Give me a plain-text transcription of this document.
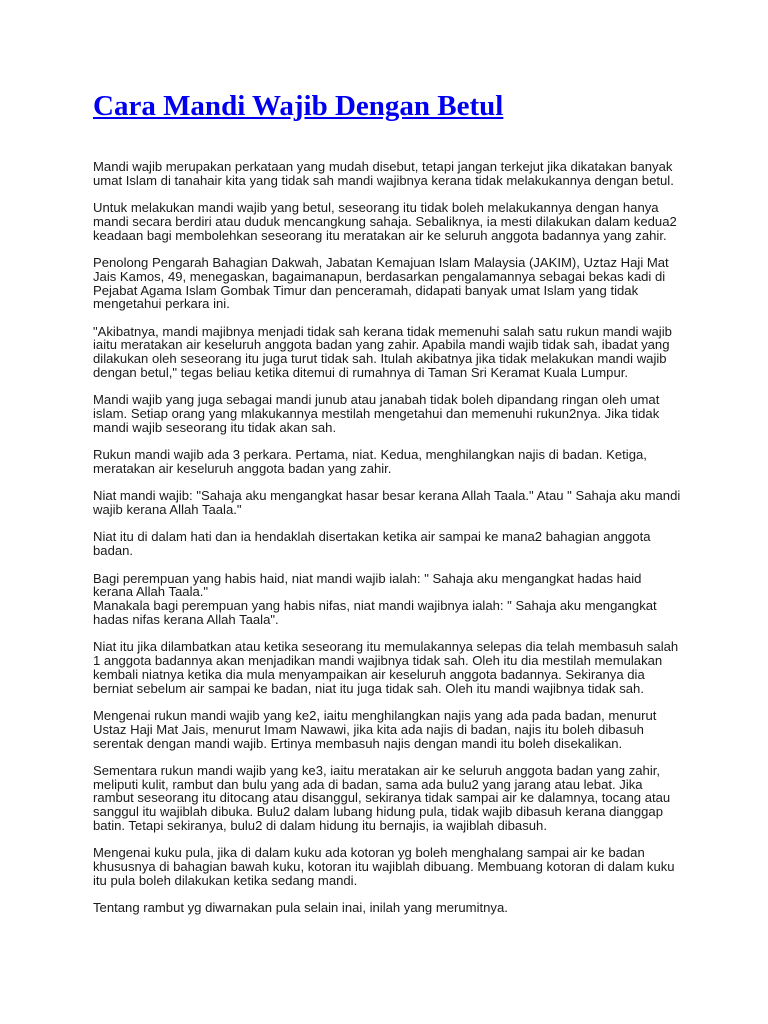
Cara Mandi Wajib Dengan Betul

Mandi wajib merupakan perkataan yang mudah disebut, tetapi jangan terkejut jika dikatakan banyak
umat Islam di tanahair kita yang tidak sah mandi wajibnya kerana tidak melakukannya dengan betul.

Untuk melakukan mandi wajib yang betul, seseorang itu tidak boleh melakukannya dengan hanya
mandi secara berdiri atau duduk mencangkung sahaja. Sebaliknya, ia mesti dilakukan dalam kedua2
keadaan bagi membolehkan seseorang itu meratakan air ke seluruh anggota badannya yang zahir.

Penolong Pengarah Bahagian Dakwah, Jabatan Kemajuan Islam Malaysia (JAKIM), Uztaz Haji Mat
Jais Kamos, 49, menegaskan, bagaimanapun, berdasarkan pengalamannya sebagai bekas kadi di
Pejabat Agama Islam Gombak Timur dan penceramah, didapati banyak umat Islam yang tidak
mengetahui perkara ini.

"Akibatnya, mandi majibnya menjadi tidak sah kerana tidak memenuhi salah satu rukun mandi wajib
iaitu meratakan air keseluruh anggota badan yang zahir. Apabila mandi wajib tidak sah, ibadat yang
dilakukan oleh seseorang itu juga turut tidak sah. Itulah akibatnya jika tidak melakukan mandi wajib
dengan betul," tegas beliau ketika ditemui di rumahnya di Taman Sri Keramat Kuala Lumpur.

Mandi wajib yang juga sebagai mandi junub atau janabah tidak boleh dipandang ringan oleh umat
islam. Setiap orang yang mlakukannya mestilah mengetahui dan memenuhi rukun2nya. Jika tidak
mandi wajib seseorang itu tidak akan sah.

Rukun mandi wajib ada 3 perkara. Pertama, niat. Kedua, menghilangkan najis di badan. Ketiga,
meratakan air keseluruh anggota badan yang zahir.

Niat mandi wajib: "Sahaja aku mengangkat hasar besar kerana Allah Taala." Atau " Sahaja aku mandi
wajib kerana Allah Taala."

Niat itu di dalam hati dan ia hendaklah disertakan ketika air sampai ke mana2 bahagian anggota
badan.

Bagi perempuan yang habis haid, niat mandi wajib ialah: " Sahaja aku mengangkat hadas haid
kerana Allah Taala."
Manakala bagi perempuan yang habis nifas, niat mandi wajibnya ialah: " Sahaja aku mengangkat
hadas nifas kerana Allah Taala".

Niat itu jika dilambatkan atau ketika seseorang itu memulakannya selepas dia telah membasuh salah
1 anggota badannya akan menjadikan mandi wajibnya tidak sah. Oleh itu dia mestilah memulakan
kembali niatnya ketika dia mula menyampaikan air keseluruh anggota badannya. Sekiranya dia
berniat sebelum air sampai ke badan, niat itu juga tidak sah. Oleh itu mandi wajibnya tidak sah.

Mengenai rukun mandi wajib yang ke2, iaitu menghilangkan najis yang ada pada badan, menurut
Ustaz Haji Mat Jais, menurut Imam Nawawi, jika kita ada najis di badan, najis itu boleh dibasuh
serentak dengan mandi wajib. Ertinya membasuh najis dengan mandi itu boleh disekalikan.

Sementara rukun mandi wajib yang ke3, iaitu meratakan air ke seluruh anggota badan yang zahir,
meliputi kulit, rambut dan bulu yang ada di badan, sama ada bulu2 yang jarang atau lebat. Jika
rambut seseorang itu ditocang atau disanggul, sekiranya tidak sampai air ke dalamnya, tocang atau
sanggul itu wajiblah dibuka. Bulu2 dalam lubang hidung pula, tidak wajib dibasuh kerana dianggap
batin. Tetapi sekiranya, bulu2 di dalam hidung itu bernajis, ia wajiblah dibasuh.

Mengenai kuku pula, jika di dalam kuku ada kotoran yg boleh menghalang sampai air ke badan
khususnya di bahagian bawah kuku, kotoran itu wajiblah dibuang. Membuang kotoran di dalam kuku
itu pula boleh dilakukan ketika sedang mandi.

Tentang rambut yg diwarnakan pula selain inai, inilah yang merumitnya.
